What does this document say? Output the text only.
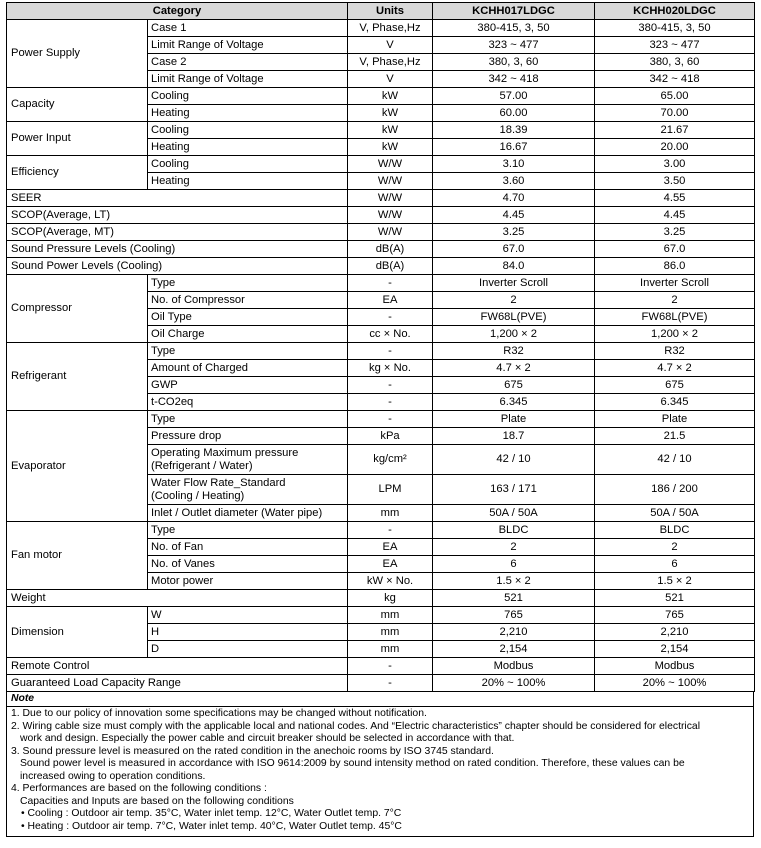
Category		Units	KCHH017LDGC	KCHH020LDGC
Power Supply	Case 1	V, Phase,Hz	380-415, 3, 50	380-415, 3, 50
	Limit Range of Voltage	V	323 ~ 477	323 ~ 477
	Case 2	V, Phase,Hz	380, 3, 60	380, 3, 60
	Limit Range of Voltage	V	342 ~ 418	342 ~ 418
Capacity	Cooling	kW	57.00	65.00
	Heating	kW	60.00	70.00
Power Input	Cooling	kW	18.39	21.67
	Heating	kW	16.67	20.00
Efficiency	Cooling	W/W	3.10	3.00
	Heating	W/W	3.60	3.50
SEER		W/W	4.70	4.55
SCOP(Average, LT)		W/W	4.45	4.45
SCOP(Average, MT)		W/W	3.25	3.25
Sound Pressure Levels (Cooling)		dB(A)	67.0	67.0
Sound Power Levels (Cooling)		dB(A)	84.0	86.0
Compressor	Type	-	Inverter Scroll	Inverter Scroll
	No. of Compressor	EA	2	2
	Oil Type	-	FW68L(PVE)	FW68L(PVE)
	Oil Charge	cc × No.	1,200 × 2	1,200 × 2
Refrigerant	Type	-	R32	R32
	Amount of Charged	kg × No.	4.7 × 2	4.7 × 2
	GWP	-	675	675
	t-CO2eq	-	6.345	6.345
Evaporator	Type	-	Plate	Plate
	Pressure drop	kPa	18.7	21.5

	Operating Maximum pressure
(Refrigerant / Water)	kg/cm²	42 / 10	42 / 10

	Water Flow Rate_Standard
(Cooling / Heating)	LPM	163 / 171	186 / 200
	Inlet / Outlet diameter (Water pipe)	mm	50A / 50A	50A / 50A
Fan motor	Type	-	BLDC	BLDC
	No. of Fan	EA	2	2
	No. of Vanes	EA	6	6
	Motor power	kW × No.	1.5 × 2	1.5 × 2
Weight		kg	521	521
Dimension	W	mm	765	765
	H	mm	2,210	2,210
	D	mm	2,154	2,154
Remote Control		-	Modbus	Modbus
Guaranteed Load Capacity Range		-	20% ~ 100%	20% ~ 100%
Note
1. Due to our policy of innovation some specifications may be changed without notification.
2. Wiring cable size must comply with the applicable local and national codes. And “Electric characteristics” chapter should be considered for electrical
work and design. Especially the power cable and circuit breaker should be selected in accordance with that.
3. Sound pressure level is measured on the rated condition in the anechoic rooms by ISO 3745 standard.
Sound power level is measured in accordance with ISO 9614:2009 by sound intensity method on rated condition. Therefore, these values can be
increased owing to operation conditions.
4. Performances are based on the following conditions :
Capacities and Inputs are based on the following conditions
• Cooling : Outdoor air temp. 35°C, Water inlet temp. 12°C, Water Outlet temp. 7°C
• Heating : Outdoor air temp. 7°C, Water inlet temp. 40°C, Water Outlet temp. 45°C
